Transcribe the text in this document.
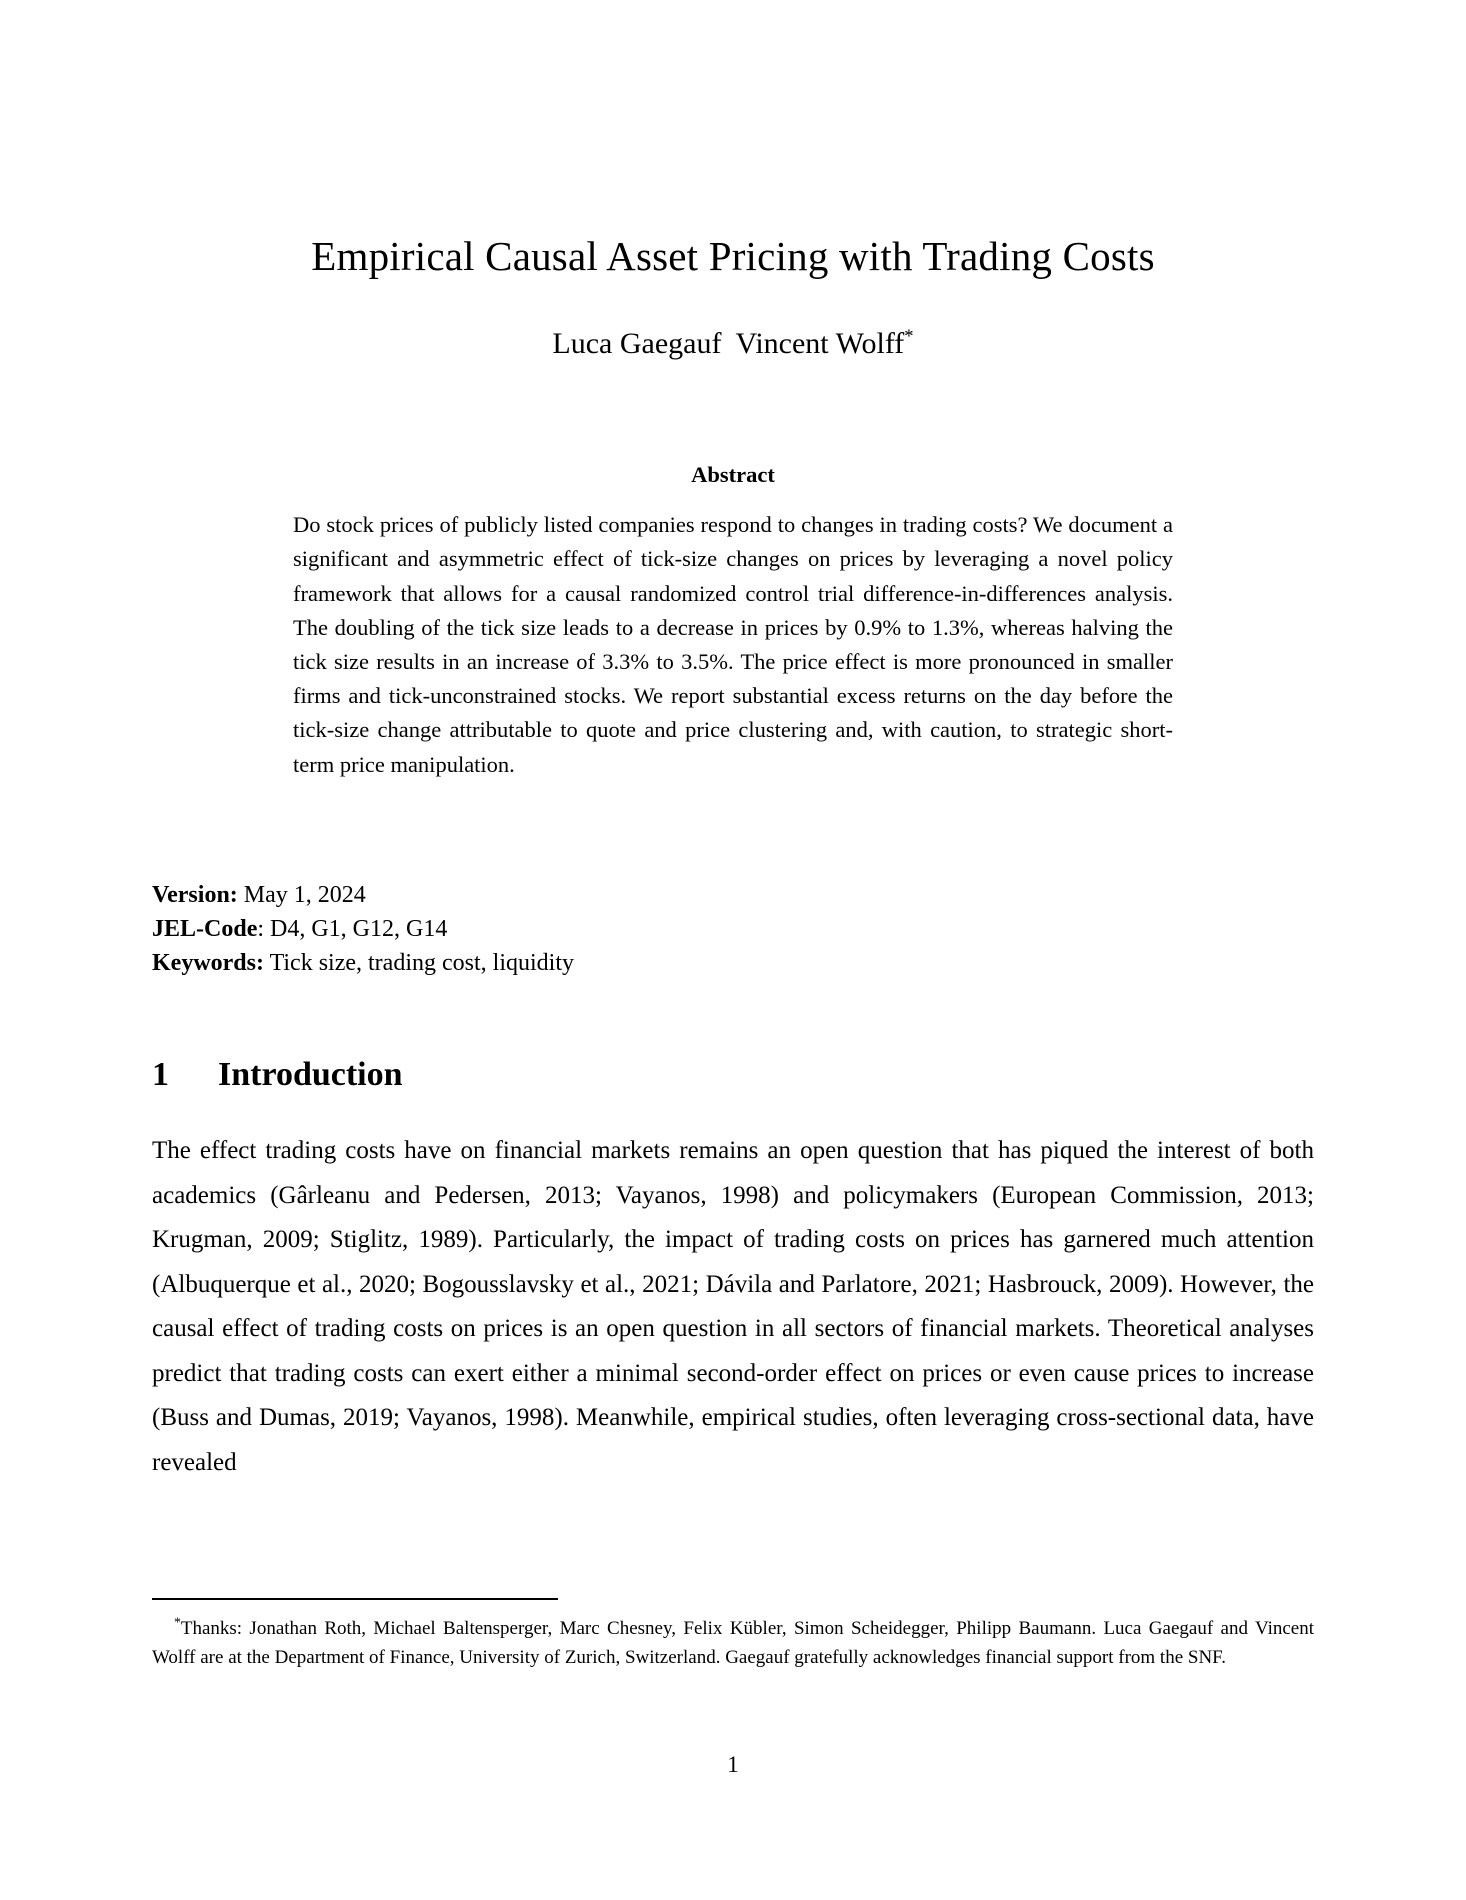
Empirical Causal Asset Pricing with Trading Costs
Luca Gaegauf Vincent Wolff*
Abstract
Do stock prices of publicly listed companies respond to changes in trading costs? We document a significant and asymmetric effect of tick-size changes on prices by leveraging a novel policy framework that allows for a causal randomized control trial difference-in-differences analysis. The doubling of the tick size leads to a decrease in prices by 0.9% to 1.3%, whereas halving the tick size results in an increase of 3.3% to 3.5%. The price effect is more pronounced in smaller firms and tick-unconstrained stocks. We report substantial excess returns on the day before the tick-size change attributable to quote and price clustering and, with caution, to strategic short-term price manipulation.
Version: May 1, 2024
JEL-Code: D4, G1, G12, G14
Keywords: Tick size, trading cost, liquidity
1	Introduction
The effect trading costs have on financial markets remains an open question that has piqued the interest of both academics (Gârleanu and Pedersen, 2013; Vayanos, 1998) and policymakers (European Commission, 2013; Krugman, 2009; Stiglitz, 1989). Particularly, the impact of trading costs on prices has garnered much attention (Albuquerque et al., 2020; Bogousslavsky et al., 2021; Dávila and Parlatore, 2021; Hasbrouck, 2009). However, the causal effect of trading costs on prices is an open question in all sectors of financial markets. Theoretical analyses predict that trading costs can exert either a minimal second-order effect on prices or even cause prices to increase (Buss and Dumas, 2019; Vayanos, 1998). Meanwhile, empirical studies, often leveraging cross-sectional data, have revealed
*Thanks: Jonathan Roth, Michael Baltensperger, Marc Chesney, Felix Kübler, Simon Scheidegger, Philipp Baumann. Luca Gaegauf and Vincent Wolff are at the Department of Finance, University of Zurich, Switzerland. Gaegauf gratefully acknowledges financial support from the SNF.
1
